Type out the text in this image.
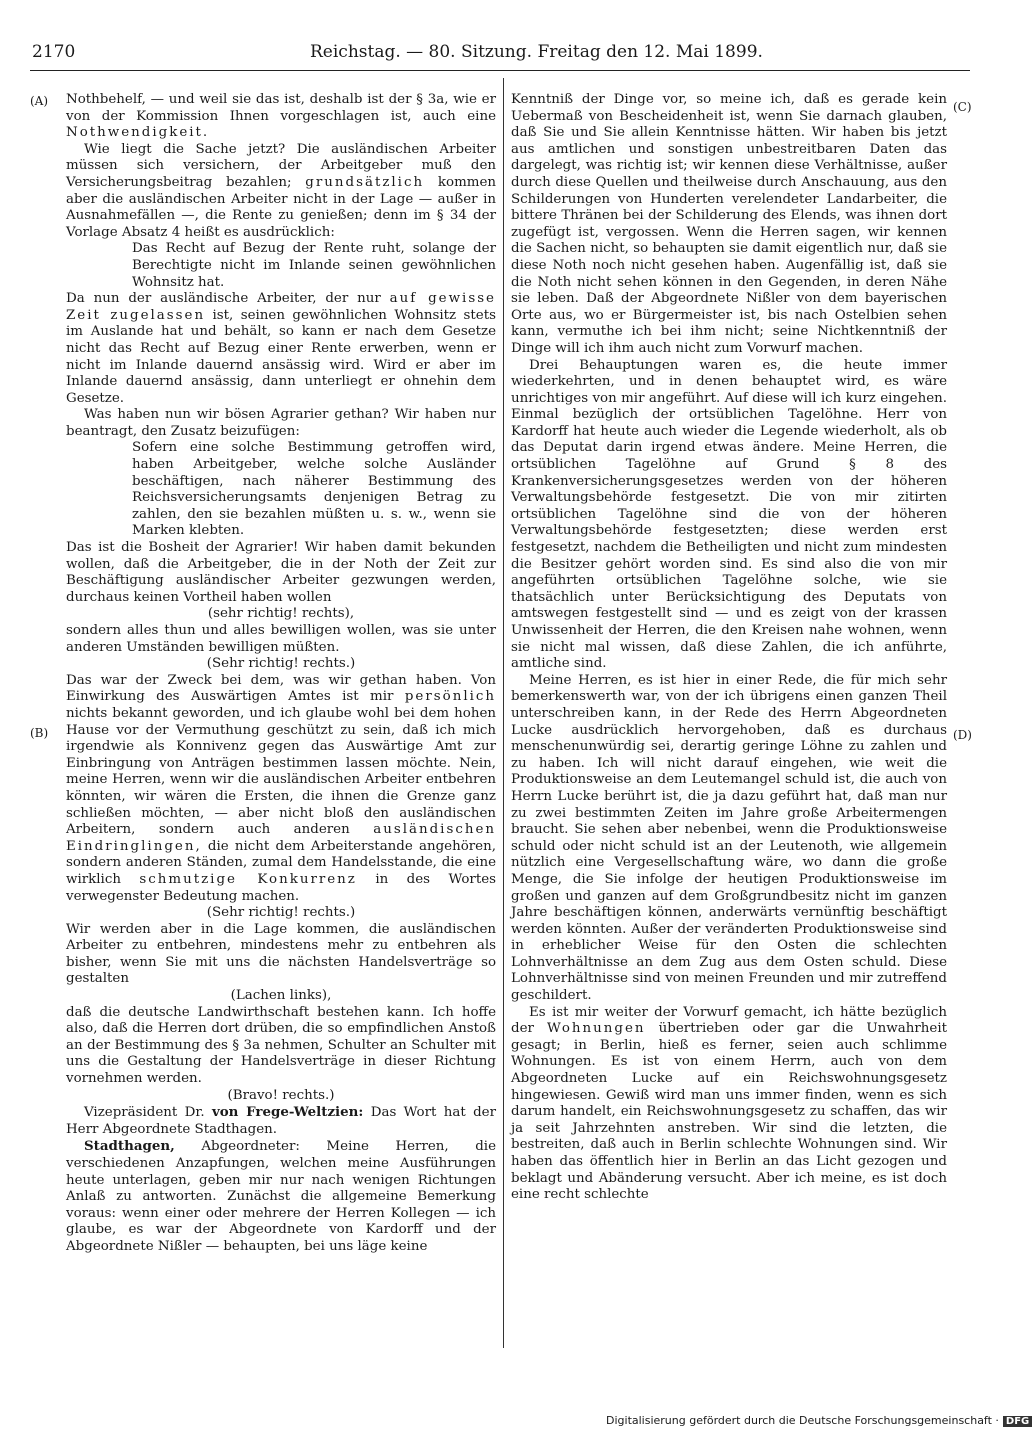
2170	Reichstag. — 80. Sitzung. Freitag den 12. Mai 1899.
(A)
(B)
(C)
(D)

Nothbehelf, — und weil sie das ist, deshalb ist der § 3a, wie er von der Kommission Ihnen vorgeschlagen ist, auch eine Nothwendigkeit.

Wie liegt die Sache jetzt? Die ausländischen Arbeiter müssen sich versichern, der Arbeitgeber muß den Versicherungsbeitrag bezahlen; grundsätzlich kommen aber die ausländischen Arbeiter nicht in der Lage — außer in Ausnahmefällen —, die Rente zu genießen; denn im § 34 der Vorlage Absatz 4 heißt es ausdrücklich:

Das Recht auf Bezug der Rente ruht, solange der Berechtigte nicht im Inlande seinen gewöhnlichen Wohnsitz hat.

Da nun der ausländische Arbeiter, der nur auf gewisse Zeit zugelassen ist, seinen gewöhnlichen Wohnsitz stets im Auslande hat und behält, so kann er nach dem Gesetze nicht das Recht auf Bezug einer Rente erwerben, wenn er nicht im Inlande dauernd ansässig wird. Wird er aber im Inlande dauernd ansässig, dann unterliegt er ohnehin dem Gesetze.

Was haben nun wir bösen Agrarier gethan? Wir haben nur beantragt, den Zusatz beizufügen:

Sofern eine solche Bestimmung getroffen wird, haben Arbeitgeber, welche solche Ausländer beschäftigen, nach näherer Bestimmung des Reichsversicherungsamts denjenigen Betrag zu zahlen, den sie bezahlen müßten u. s. w., wenn sie Marken klebten.

Das ist die Bosheit der Agrarier! Wir haben damit bekunden wollen, daß die Arbeitgeber, die in der Noth der Zeit zur Beschäftigung ausländischer Arbeiter gezwungen werden, durchaus keinen Vortheil haben wollen

(sehr richtig! rechts),

sondern alles thun und alles bewilligen wollen, was sie unter anderen Umständen bewilligen müßten.

(Sehr richtig! rechts.)

Das war der Zweck bei dem, was wir gethan haben. Von Einwirkung des Auswärtigen Amtes ist mir persönlich nichts bekannt geworden, und ich glaube wohl bei dem hohen Hause vor der Vermuthung geschützt zu sein, daß ich mich irgendwie als Konnivenz gegen das Auswärtige Amt zur Einbringung von Anträgen bestimmen lassen möchte. Nein, meine Herren, wenn wir die ausländischen Arbeiter entbehren könnten, wir wären die Ersten, die ihnen die Grenze ganz schließen möchten, — aber nicht bloß den ausländischen Arbeitern, sondern auch anderen ausländischen Eindringlingen, die nicht dem Arbeiterstande angehören, sondern anderen Ständen, zumal dem Handelsstande, die eine wirklich schmutzige Konkurrenz in des Wortes verwegenster Bedeutung machen.

(Sehr richtig! rechts.)

Wir werden aber in die Lage kommen, die ausländischen Arbeiter zu entbehren, mindestens mehr zu entbehren als bisher, wenn Sie mit uns die nächsten Handelsverträge so gestalten

(Lachen links),

daß die deutsche Landwirthschaft bestehen kann. Ich hoffe also, daß die Herren dort drüben, die so empfindlichen Anstoß an der Bestimmung des § 3a nehmen, Schulter an Schulter mit uns die Gestaltung der Handelsverträge in dieser Richtung vornehmen werden.

(Bravo! rechts.)

Vizepräsident Dr. von Frege-Weltzien: Das Wort hat der Herr Abgeordnete Stadthagen.

Stadthagen, Abgeordneter: Meine Herren, die verschiedenen Anzapfungen, welchen meine Ausführungen heute unterlagen, geben mir nur nach wenigen Richtungen Anlaß zu antworten. Zunächst die allgemeine Bemerkung voraus: wenn einer oder mehrere der Herren Kollegen — ich glaube, es war der Abgeordnete von Kardorff und der Abgeordnete Nißler — behaupten, bei uns läge keine

Kenntniß der Dinge vor, so meine ich, daß es gerade kein Uebermaß von Bescheidenheit ist, wenn Sie darnach glauben, daß Sie und Sie allein Kenntnisse hätten. Wir haben bis jetzt aus amtlichen und sonstigen unbestreitbaren Daten das dargelegt, was richtig ist; wir kennen diese Verhältnisse, außer durch diese Quellen und theilweise durch Anschauung, aus den Schilderungen von Hunderten verelendeter Landarbeiter, die bittere Thränen bei der Schilderung des Elends, was ihnen dort zugefügt ist, vergossen. Wenn die Herren sagen, wir kennen die Sachen nicht, so behaupten sie damit eigentlich nur, daß sie diese Noth noch nicht gesehen haben. Augenfällig ist, daß sie die Noth nicht sehen können in den Gegenden, in deren Nähe sie leben. Daß der Abgeordnete Nißler von dem bayerischen Orte aus, wo er Bürgermeister ist, bis nach Ostelbien sehen kann, vermuthe ich bei ihm nicht; seine Nichtkenntniß der Dinge will ich ihm auch nicht zum Vorwurf machen.

Drei Behauptungen waren es, die heute immer wiederkehrten, und in denen behauptet wird, es wäre unrichtiges von mir angeführt. Auf diese will ich kurz eingehen. Einmal bezüglich der ortsüblichen Tagelöhne. Herr von Kardorff hat heute auch wieder die Legende wiederholt, als ob das Deputat darin irgend etwas ändere. Meine Herren, die ortsüblichen Tagelöhne auf Grund § 8 des Krankenversicherungsgesetzes werden von der höheren Verwaltungsbehörde festgesetzt. Die von mir zitirten ortsüblichen Tagelöhne sind die von der höheren Verwaltungsbehörde festgesetzten; diese werden erst festgesetzt, nachdem die Betheiligten und nicht zum mindesten die Besitzer gehört worden sind. Es sind also die von mir angeführten ortsüblichen Tagelöhne solche, wie sie thatsächlich unter Berücksichtigung des Deputats von amtswegen festgestellt sind — und es zeigt von der krassen Unwissenheit der Herren, die den Kreisen nahe wohnen, wenn sie nicht mal wissen, daß diese Zahlen, die ich anführte, amtliche sind.

Meine Herren, es ist hier in einer Rede, die für mich sehr bemerkenswerth war, von der ich übrigens einen ganzen Theil unterschreiben kann, in der Rede des Herrn Abgeordneten Lucke ausdrücklich hervorgehoben, daß es durchaus menschenunwürdig sei, derartig geringe Löhne zu zahlen und zu haben. Ich will nicht darauf eingehen, wie weit die Produktionsweise an dem Leutemangel schuld ist, die auch von Herrn Lucke berührt ist, die ja dazu geführt hat, daß man nur zu zwei bestimmten Zeiten im Jahre große Arbeitermengen braucht. Sie sehen aber nebenbei, wenn die Produktionsweise schuld oder nicht schuld ist an der Leutenoth, wie allgemein nützlich eine Vergesellschaftung wäre, wo dann die große Menge, die Sie infolge der heutigen Produktionsweise im großen und ganzen auf dem Großgrundbesitz nicht im ganzen Jahre beschäftigen können, anderwärts vernünftig beschäftigt werden könnten. Außer der veränderten Produktionsweise sind in erheblicher Weise für den Osten die schlechten Lohnverhältnisse an dem Zug aus dem Osten schuld. Diese Lohnverhältnisse sind von meinen Freunden und mir zutreffend geschildert.

Es ist mir weiter der Vorwurf gemacht, ich hätte bezüglich der Wohnungen übertrieben oder gar die Unwahrheit gesagt; in Berlin, hieß es ferner, seien auch schlimme Wohnungen. Es ist von einem Herrn, auch von dem Abgeordneten Lucke auf ein Reichswohnungsgesetz hingewiesen. Gewiß wird man uns immer finden, wenn es sich darum handelt, ein Reichswohnungsgesetz zu schaffen, das wir ja seit Jahrzehnten anstreben. Wir sind die letzten, die bestreiten, daß auch in Berlin schlechte Wohnungen sind. Wir haben das öffentlich hier in Berlin an das Licht gezogen und beklagt und Abänderung versucht. Aber ich meine, es ist doch eine recht schlechte

Digitalisierung gefördert durch die Deutsche Forschungsgemeinschaft · DFG
